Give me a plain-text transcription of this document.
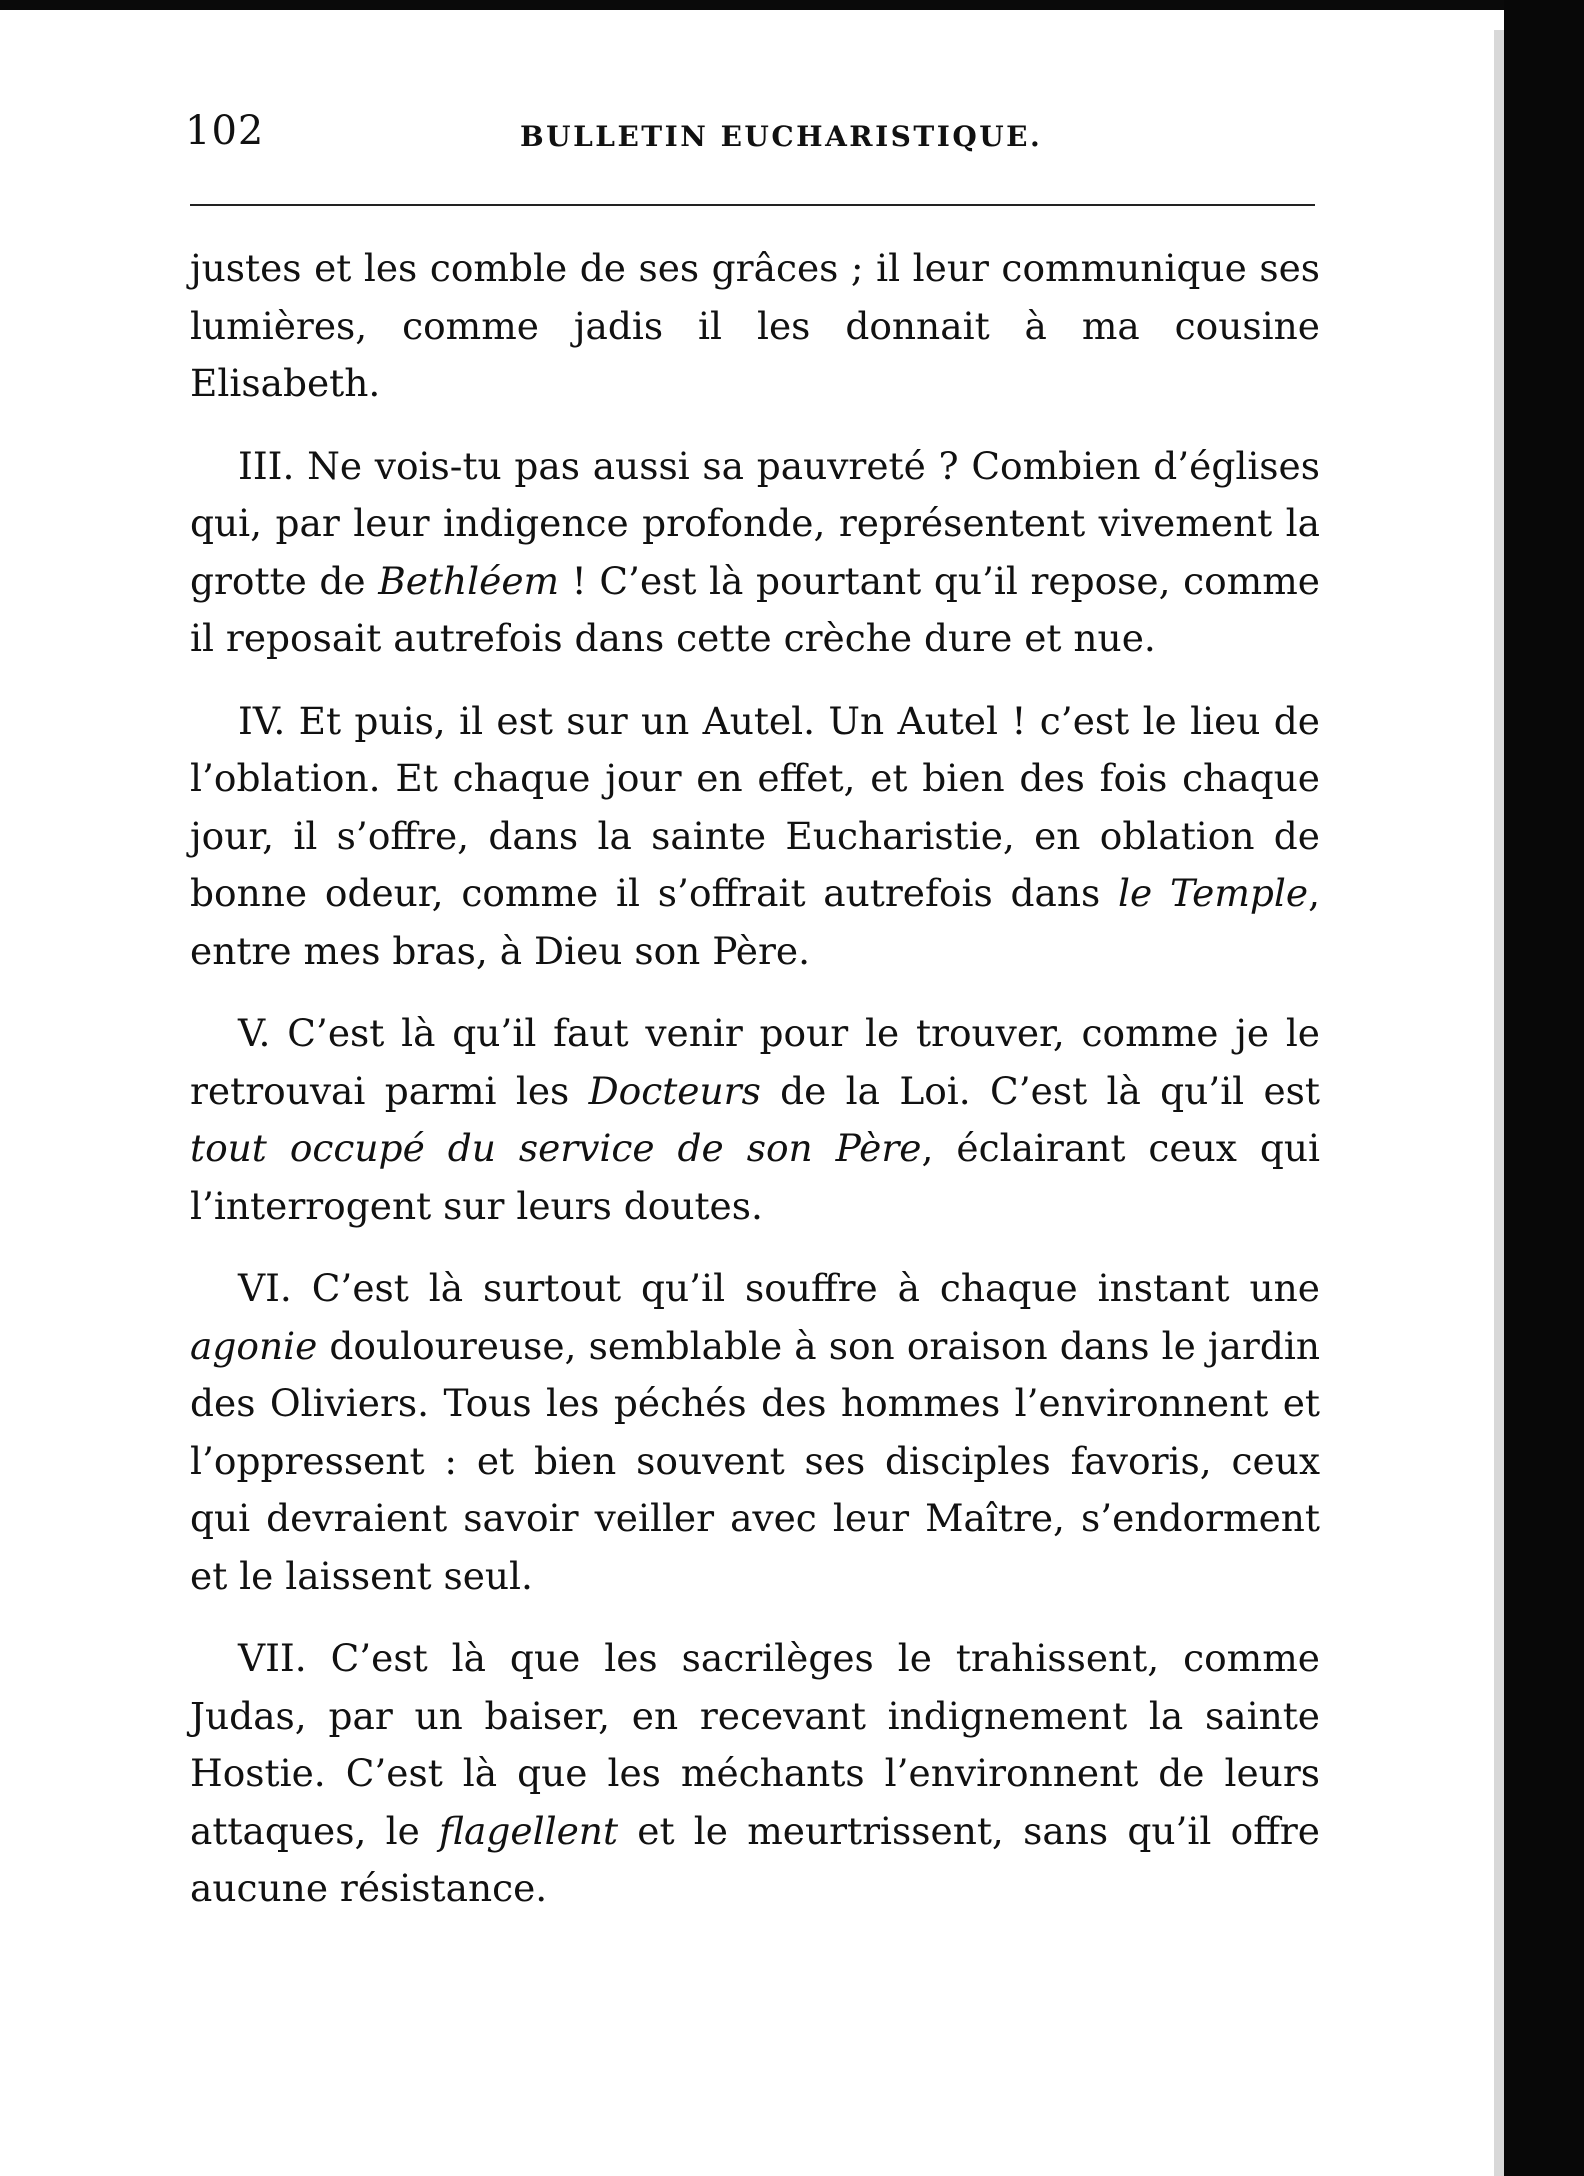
102	BULLETIN EUCHARISTIQUE.

justes et les comble de ses grâces ; il leur communique ses lumières, comme jadis il les donnait à ma cousine Elisabeth.

III. Ne vois-tu pas aussi sa pauvreté ? Combien d’églises qui, par leur indigence profonde, représentent vivement la grotte de Bethléem ! C’est là pourtant qu’il repose, comme il reposait autrefois dans cette crèche dure et nue.

IV. Et puis, il est sur un Autel. Un Autel ! c’est le lieu de l’oblation. Et chaque jour en effet, et bien des fois chaque jour, il s’offre, dans la sainte Eucharistie, en oblation de bonne odeur, comme il s’offrait autrefois dans le Temple, entre mes bras, à Dieu son Père.

V. C’est là qu’il faut venir pour le trouver, comme je le retrouvai parmi les Docteurs de la Loi. C’est là qu’il est tout occupé du service de son Père, éclairant ceux qui l’interrogent sur leurs doutes.

VI. C’est là surtout qu’il souffre à chaque instant une agonie douloureuse, semblable à son oraison dans le jardin des Oliviers. Tous les péchés des hommes l’environnent et l’oppressent : et bien souvent ses disciples favoris, ceux qui devraient savoir veiller avec leur Maître, s’endorment et le laissent seul.

VII. C’est là que les sacrilèges le trahissent, comme Judas, par un baiser, en recevant indignement la sainte Hostie. C’est là que les méchants l’environnent de leurs attaques, le flagellent et le meurtrissent, sans qu’il offre aucune résistance.
